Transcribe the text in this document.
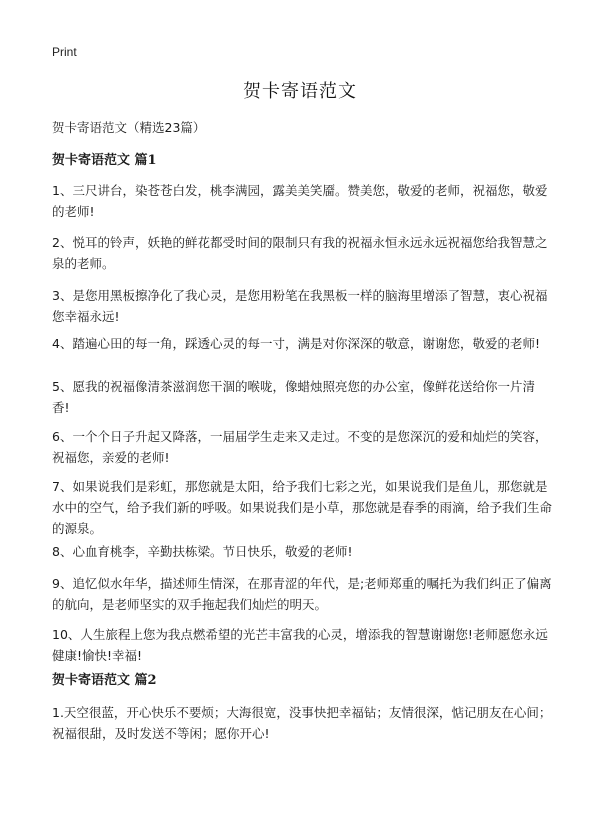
Print
贺卡寄语范文
贺卡寄语范文（精选23篇）
贺卡寄语范文 篇1

1、三尺讲台，染苍苍白发，桃李满园，露美美笑靥。赞美您，敬爱的老师，祝福您，敬爱的老师!

2、悦耳的铃声，妖艳的鲜花都受时间的限制只有我的祝福永恒永远永远祝福您给我智慧之泉的老师。

3、是您用黑板擦净化了我心灵，是您用粉笔在我黑板一样的脑海里增添了智慧，衷心祝福您幸福永远!

4、踏遍心田的每一角，踩透心灵的每一寸，满是对你深深的敬意，谢谢您，敬爱的老师!

5、愿我的祝福像清茶滋润您干涸的喉咙，像蜡烛照亮您的办公室，像鲜花送给你一片清香!

6、一个个日子升起又降落，一届届学生走来又走过。不变的是您深沉的爱和灿烂的笑容，祝福您，亲爱的老师!

7、如果说我们是彩虹，那您就是太阳，给予我们七彩之光，如果说我们是鱼儿，那您就是水中的空气，给予我们新的呼吸。如果说我们是小草，那您就是春季的雨滴，给予我们生命的源泉。

8、心血育桃李，辛勤扶栋梁。节日快乐，敬爱的老师!

9、追忆似水年华，描述师生情深，在那青涩的年代，是;老师郑重的嘱托为我们纠正了偏离的航向，是老师坚实的双手拖起我们灿烂的明天。

10、人生旅程上您为我点燃希望的光芒丰富我的心灵，增添我的智慧谢谢您!老师愿您永远健康!愉快!幸福!

贺卡寄语范文 篇2

1.天空很蓝，开心快乐不要烦；大海很宽，没事快把幸福钻；友情很深，惦记朋友在心间；祝福很甜，及时发送不等闲；愿你开心!
